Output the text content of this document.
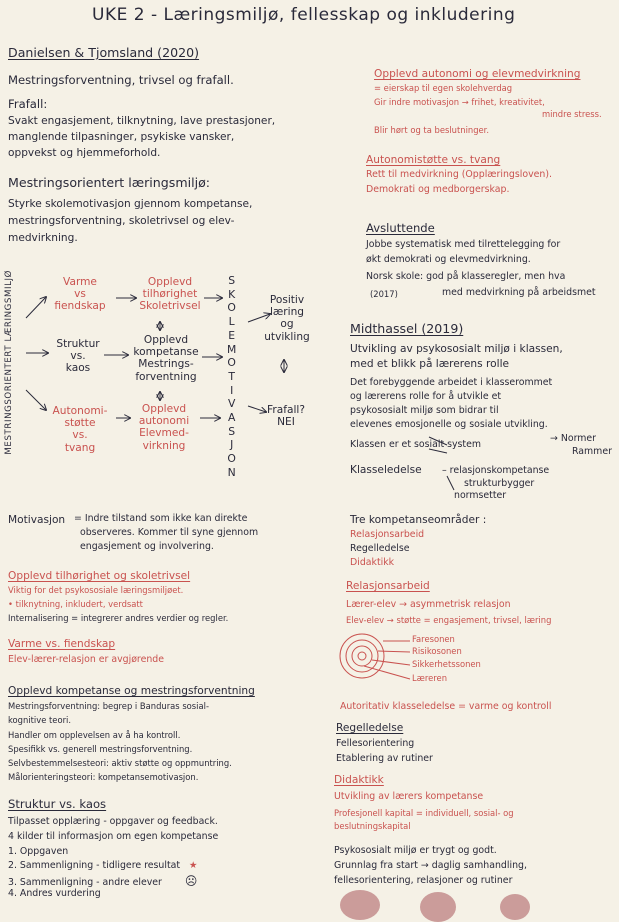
UKE 2 - Læringsmiljø, fellesskap og inkludering
Danielsen & Tjomsland (2020)
Mestringsforventning, trivsel og frafall.
Frafall:
Svakt engasjement, tilknytning, lave prestasjoner,
manglende tilpasninger, psykiske vansker,
oppvekst og hjemmeforhold.
Mestringsorientert læringsmiljø:
Styrke skolemotivasjon gjennom kompetanse,
mestringsforventning, skoletrivsel og elev-
medvirkning.
MESTRINGSORIENTERT LÆRINGSMILJØ	Varme
vs
fiendskap
Struktur
vs.
kaos
Autonomi-
støtte
vs.
tvang
Opplevd
tilhørighet
Skoletrivsel
Opplevd
kompetanse
Mestrings-
forventning
Opplevd
autonomi
Elevmed-
virkning
S
K
O
L
E
M
O
T
I
V
A
S
J
O
N
Positiv
læring
og
utvikling
Frafall?
NEI
Motivasjon = Indre tilstand som ikke kan direkte
observeres. Kommer til syne gjennom
engasjement og involvering.
Opplevd tilhørighet og skoletrivsel
Viktig for det psykososiale læringsmiljøet.
• tilknytning, inkludert, verdsatt
Internalisering = integrerer andres verdier og regler.
Varme vs. fiendskap
Elev-lærer-relasjon er avgjørende
Opplevd kompetanse og mestringsforventning
Mestringsforventning: begrep i Banduras sosial-
kognitive teori.
Handler om opplevelsen av å ha kontroll.
Spesifikk vs. generell mestringsforventning.
Selvbestemmelsesteori: aktiv støtte og oppmuntring.
Målorienteringsteori: kompetansemotivasjon.
Struktur vs. kaos
Tilpasset opplæring - oppgaver og feedback.
4 kilder til informasjon om egen kompetanse
1. Oppgaven
2. Sammenligning - tidligere resultat ★
3. Sammenligning - andre elever ☹
4. Andres vurdering
Opplevd autonomi og elevmedvirkning
= eierskap til egen skolehverdag
Gir indre motivasjon → frihet, kreativitet,
mindre stress.
Blir hørt og ta beslutninger.
Autonomistøtte vs. tvang
Rett til medvirkning (Opplæringsloven).
Demokrati og medborgerskap.
Avsluttende
Jobbe systematisk med tilrettelegging for
økt demokrati og elevmedvirkning.
Norsk skole: god på klasseregler, men hva
(2017)	med medvirkning på arbeidsmet
Midthassel (2019)
Utvikling av psykososialt miljø i klassen,
med et blikk på lærerens rolle
Det forebyggende arbeidet i klasserommet
og lærerens rolle for å utvikle et
psykososialt miljø som bidrar til
elevenes emosjonelle og sosiale utvikling.
Klassen er et sosialt system
→ Normer
Rammer
Klasseledelse – relasjonskompetanse
strukturbygger
normsetter
Tre kompetanseområder :
Relasjonsarbeid
Regelledelse
Didaktikk
Relasjonsarbeid
Lærer-elev → asymmetrisk relasjon
Elev-elev → støtte = engasjement, trivsel, læring
Faresonen
Risikosonen
Sikkerhetssonen
Læreren
Autoritativ klasseledelse = varme og kontroll
Regelledelse
Fellesorientering
Etablering av rutiner
Didaktikk
Utvikling av lærers kompetanse
Profesjonell kapital = individuell, sosial- og
beslutningskapital
Psykososialt miljø er trygt og godt.
Grunnlag fra start → daglig samhandling,
fellesorientering, relasjoner og rutiner
